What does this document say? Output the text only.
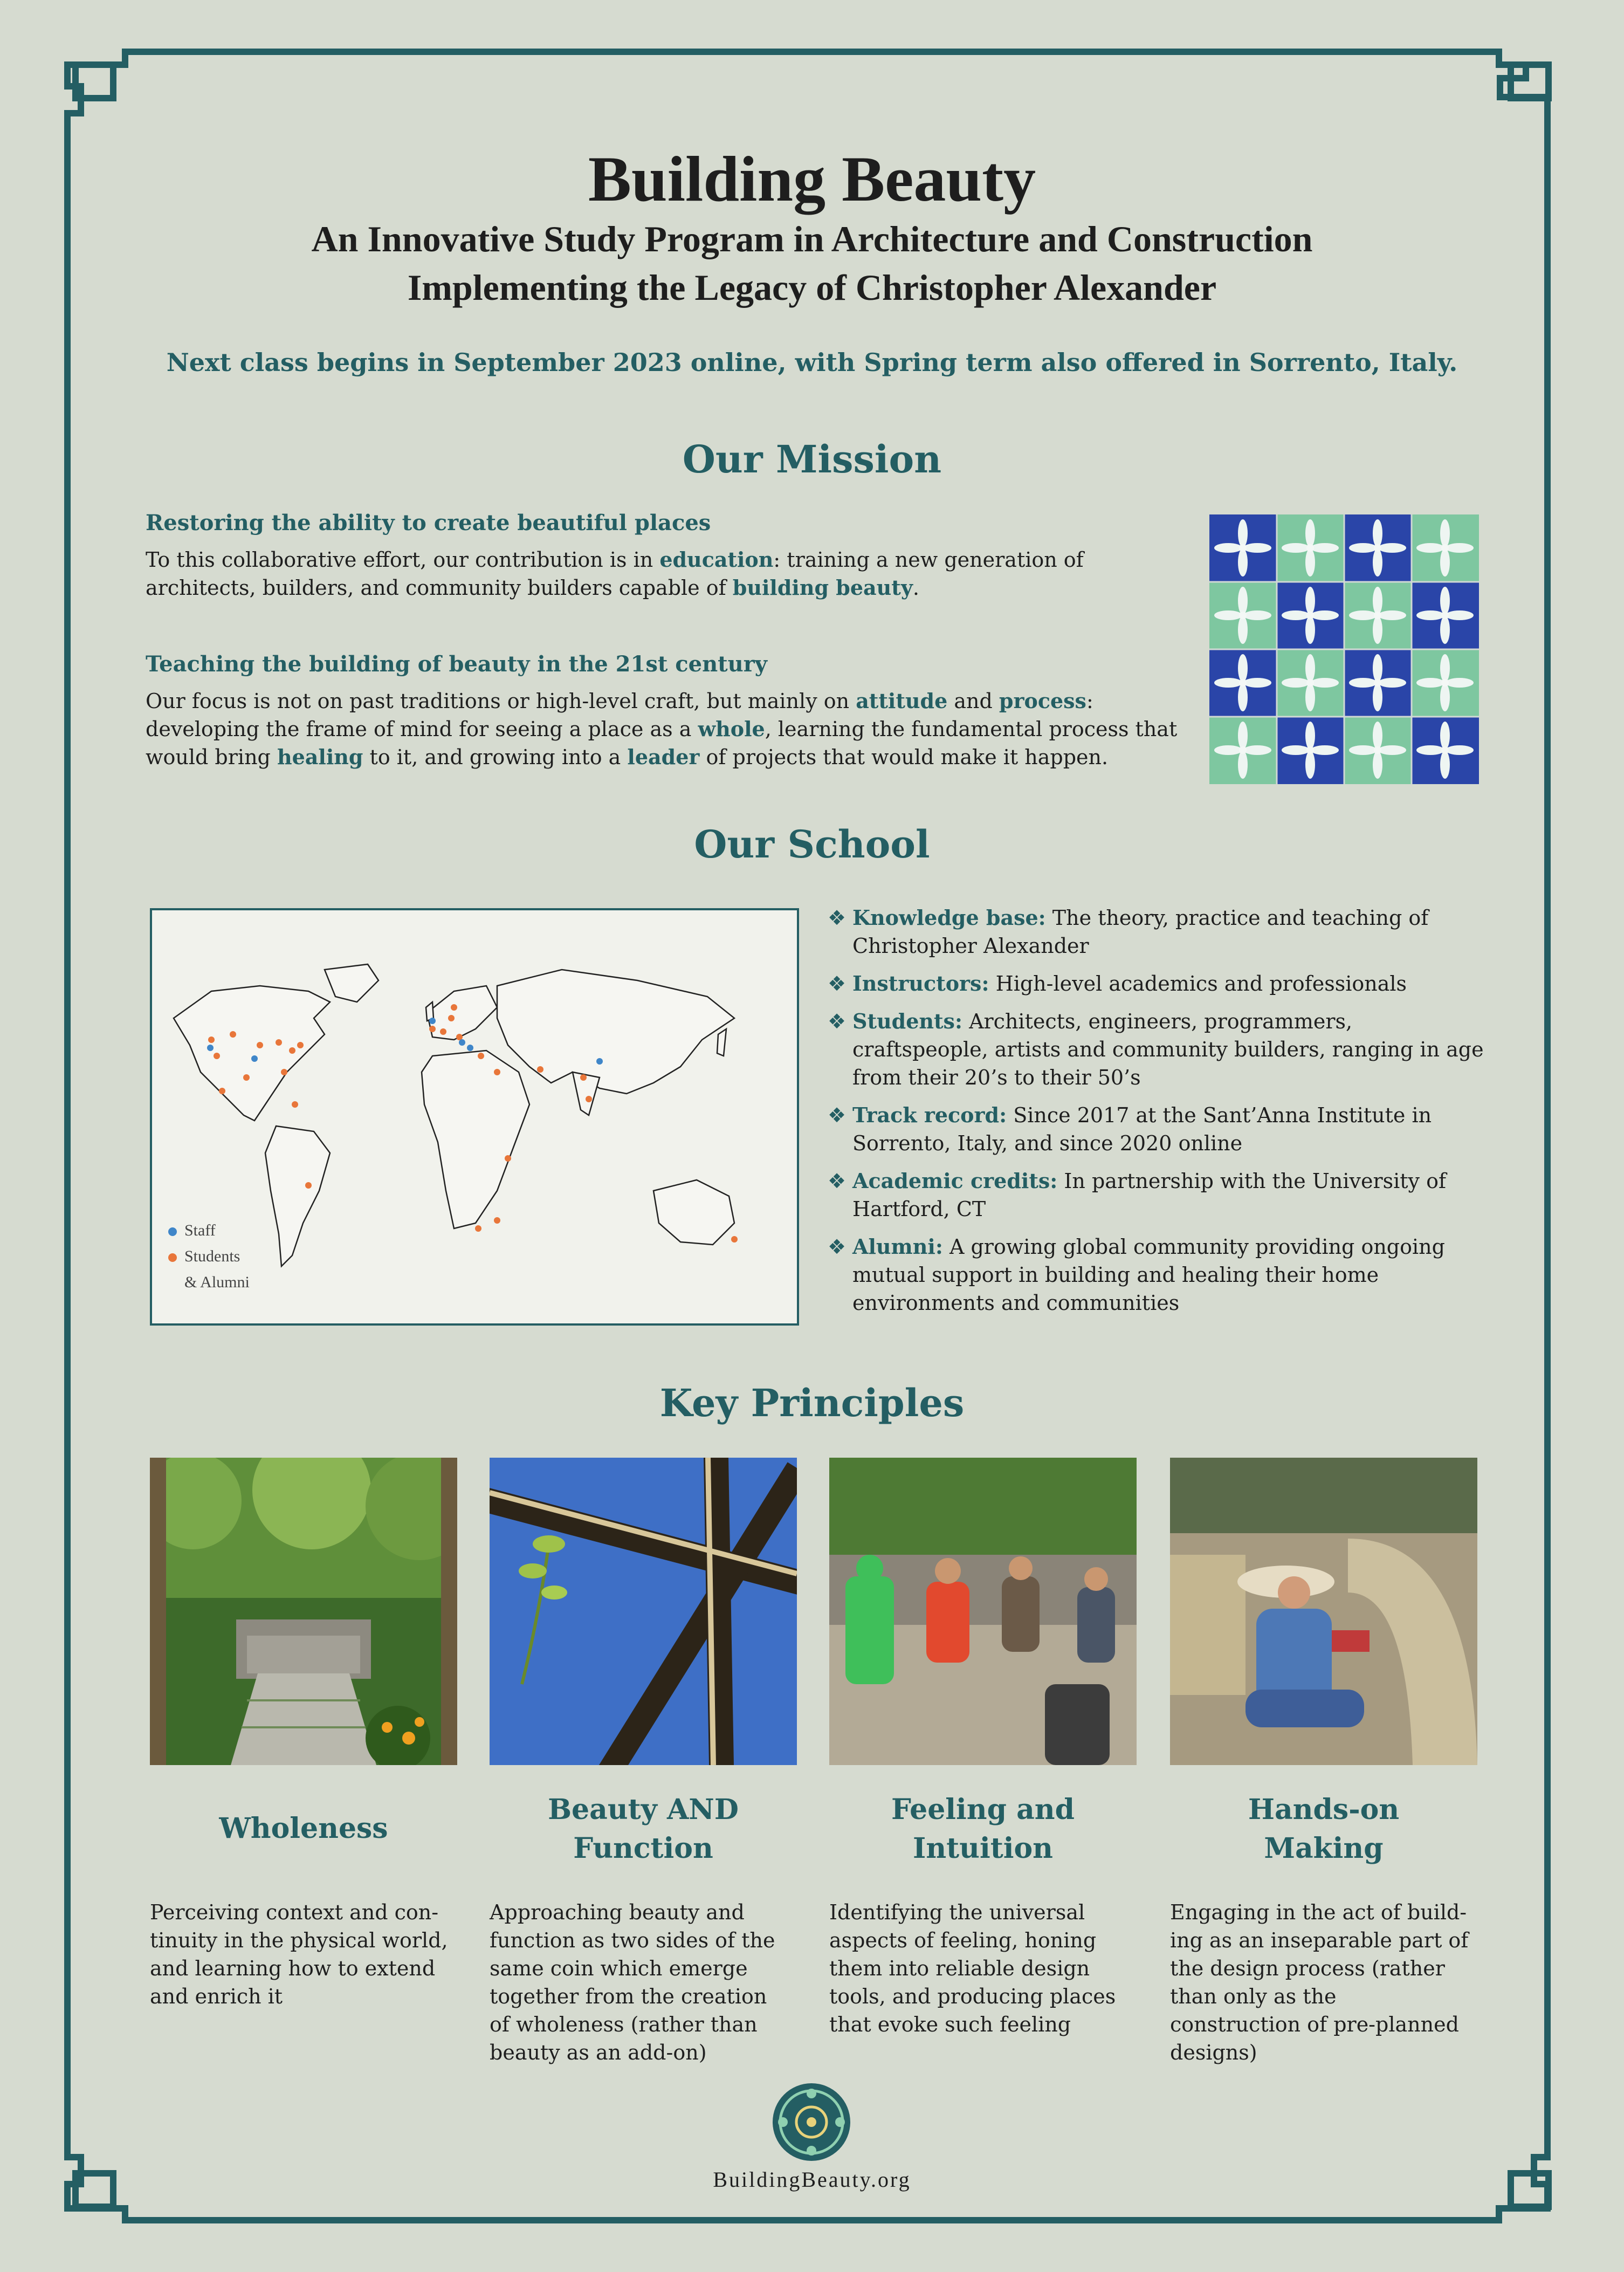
Building Beauty
An Innovative Study Program in Architecture and Construction
Implementing the Legacy of Christopher Alexander
Next class begins in September 2023 online, with Spring term also offered in Sorrento, Italy.
Our Mission
Restoring the ability to create beautiful places
To this collaborative effort, our contribution is in education: training a new generation of architects, builders, and community builders capable of building beauty.
Teaching the building of beauty in the 21st century
Our focus is not on past traditions or high-level craft, but mainly on attitude and process: developing the frame of mind for seeing a place as a whole, learning the fundamental process that would bring healing to it, and growing into a leader of projects that would make it happen.
Our School
Staff
Students
& Alumni
❖ Knowledge base: The theory, practice and teaching of Christopher Alexander
❖ Instructors: High-level academics and professionals
❖ Students: Architects, engineers, programmers, craftspeople, artists and community builders, ranging in age from their 20’s to their 50’s
❖ Track record: Since 2017 at the Sant’Anna Institute in Sorrento, Italy, and since 2020 online
❖ Academic credits: In partnership with the University of Hartford, CT
❖ Alumni: A growing global community providing ongoing mutual support in building and healing their home environments and communities
Key Principles
Wholeness
Beauty AND
Function
Feeling and
Intuition
Hands-on
Making
Perceiving context and con-tinuity in the physical world, and learning how to extend and enrich it
Approaching beauty and function as two sides of the same coin which emerge together from the creation of wholeness (rather than beauty as an add-on)
Identifying the universal aspects of feeling, honing them into reliable design tools, and producing places that evoke such feeling
Engaging in the act of build-ing as an inseparable part of the design process (rather than only as the construction of pre-planned designs)
BuildingBeauty.org
